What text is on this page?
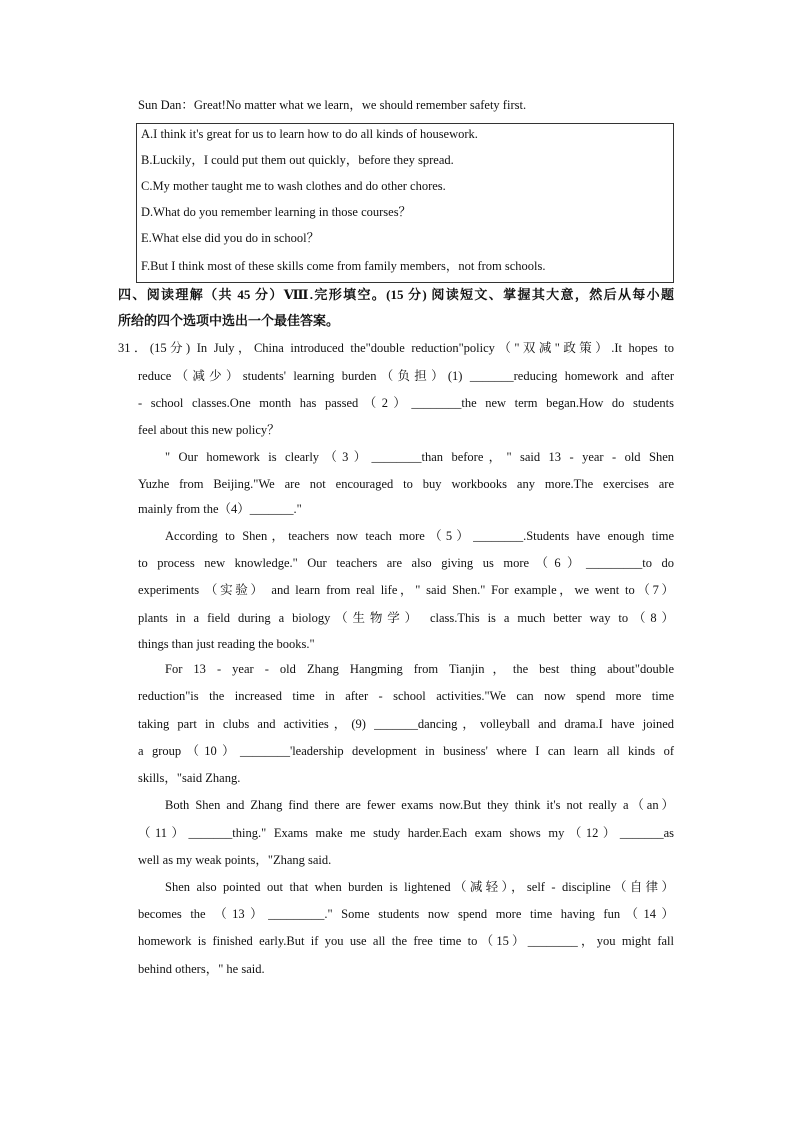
Sun Dan：Great!No matter what we learn，we should remember safety first.
A.I think it's great for us to learn how to do all kinds of housework.
B.Luckily，I could put them out quickly，before they spread.
C.My mother taught me to wash clothes and do other chores.
D.What do you remember learning in those courses？
E.What else did you do in school？
F.But I think most of these skills come from family members，not from schools.
四、阅读理解（共 45 分）Ⅷ.完形填空。(15 分) 阅读短文、掌握其大意，然后从每小题
所给的四个选项中选出一个最佳答案。
31．(15分) In July，China introduced the"double reduction"policy（"双减"政策）.It hopes to
reduce（减少）students' learning burden（负担）(1) _______reducing homework and after
- school classes.One month has passed（2）________the new term began.How do students
feel about this new policy？
" Our homework is clearly（3）________than before，" said 13 - year - old Shen
Yuzhe from Beijing."We are not encouraged to buy workbooks any more.The exercises are
mainly from the（4）_______."
According to Shen，teachers now teach more（5）________.Students have enough time
to process new knowledge." Our teachers are also giving us more（6）_________to do
experiments （实验） and learn from real life，" said Shen." For example，we went to（7）
plants in a field during a biology（生物学） class.This is a much better way to（8）
things than just reading the books."
For 13 - year - old Zhang Hangming from Tianjin，the best thing about"double
reduction"is the increased time in after - school activities."We can now spend more time
taking part in clubs and activities，(9) _______dancing，volleyball and drama.I have joined
a group（10）________'leadership development in business' where I can learn all kinds of
skills，"said Zhang.
Both Shen and Zhang find there are fewer exams now.But they think it's not really a（an）
（11）_______thing." Exams make me study harder.Each exam shows my（12）_______as
well as my weak points，"Zhang said.
Shen also pointed out that when burden is lightened（减轻），self - discipline（自律）
becomes the （13）_________." Some students now spend more time having fun（14）
homework is finished early.But if you use all the free time to（15）________，you might fall
behind others，" he said.
